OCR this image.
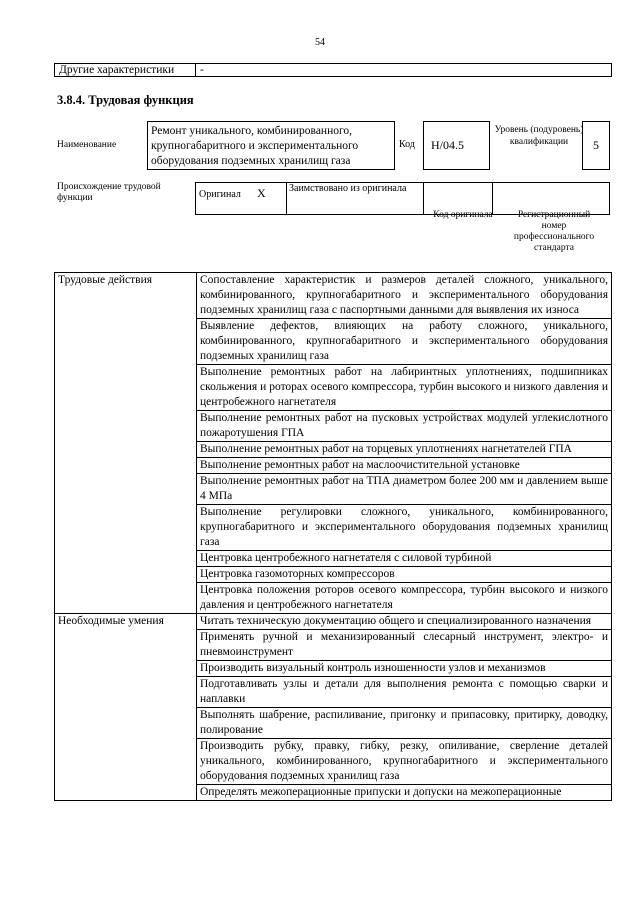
54
Другие характеристики	-
3.8.4. Трудовая функция
Наименование
Ремонт уникального, комбинированного, крупногабаритного и экспериментального оборудования подземных хранилищ газа
Код	H/04.5
Уровень (подуровень) квалификации	5
Происхождение трудовой функции	Оригинал	X	Заимствовано из оригинала		
Код оригинала	Регистрационный номер профессионального стандарта
Трудовые действия	Сопоставление характеристик и размеров деталей сложного, уникального, комбинированного, крупногабаритного и экспериментального оборудования подземных хранилищ газа с паспортными данными для выявления их износа
	Выявление дефектов, влияющих на работу сложного, уникального, комбинированного, крупногабаритного и экспериментального оборудования подземных хранилищ газа
	Выполнение ремонтных работ на лабиринтных уплотнениях, подшипниках скольжения и роторах осевого компрессора, турбин высокого и низкого давления и центробежного нагнетателя
	Выполнение ремонтных работ на пусковых устройствах модулей углекислотного пожаротушения ГПА
	Выполнение ремонтных работ на торцевых уплотнениях нагнетателей ГПА
	Выполнение ремонтных работ на маслоочистительной установке
	Выполнение ремонтных работ на ТПА диаметром более 200 мм и давлением выше 4 МПа
	Выполнение регулировки сложного, уникального, комбинированного, крупногабаритного и экспериментального оборудования подземных хранилищ газа
	Центровка центробежного нагнетателя с силовой турбиной
	Центровка газомоторных компрессоров
	Центровка положения роторов осевого компрессора, турбин высокого и низкого давления и центробежного нагнетателя
Необходимые умения	Читать техническую документацию общего и специализированного назначения
	Применять ручной и механизированный слесарный инструмент, электро- и пневмоинструмент
	Производить визуальный контроль изношенности узлов и механизмов
	Подготавливать узлы и детали для выполнения ремонта с помощью сварки и наплавки
	Выполнять шабрение, распиливание, пригонку и припасовку, притирку, доводку, полирование
	Производить рубку, правку, гибку, резку, опиливание, сверление деталей уникального, комбинированного, крупногабаритного и экспериментального оборудования подземных хранилищ газа
	Определять межоперационные припуски и допуски на межоперационные
